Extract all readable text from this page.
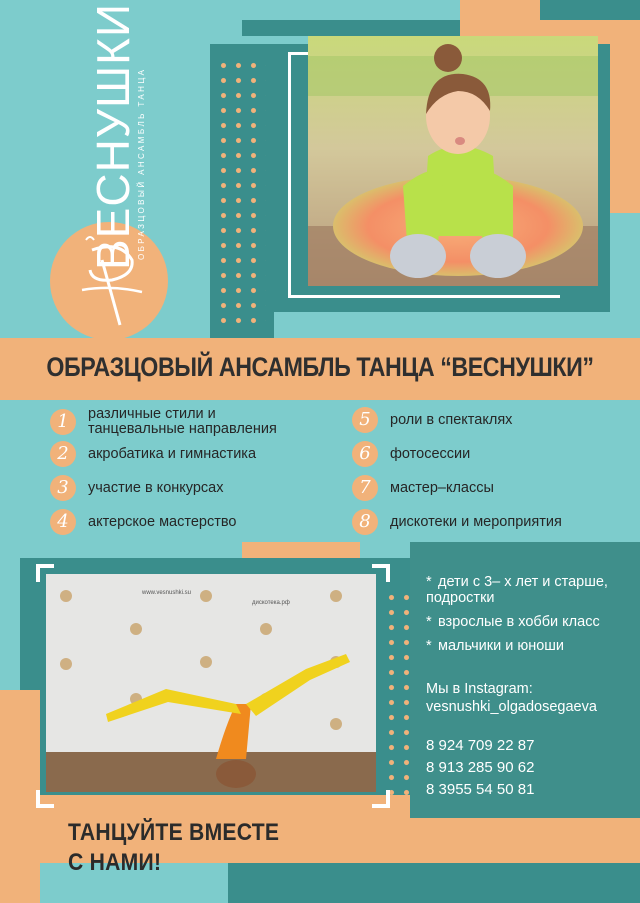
ВЕСНУШКИ
ОБРАЗЦОВЫЙ АНСАМБЛЬ ТАНЦА
ОБРАЗЦОВЫЙ АНСАМБЛЬ ТАНЦА “ВЕСНУШКИ”
1	различные стили и танцевальные направления
2	акробатика и гимнастика
3	участие в конкурсах
4	актерское мастерство
5	роли в спектаклях
6	фотосессии
7	мастер–классы
8	дискотеки и мероприятия
www.vesnushki.su
дискотека.рф
* дети с 3– х лет и старше, подростки
* взрослые в хобби класс
* мальчики и юноши
Мы в Instagram:
vesnushki_olgadosegaeva
8 924 709 22 87
8 913 285 90 62
8 3955 54 50 81
ТАНЦУЙТЕ ВМЕСТЕ
С НАМИ!
